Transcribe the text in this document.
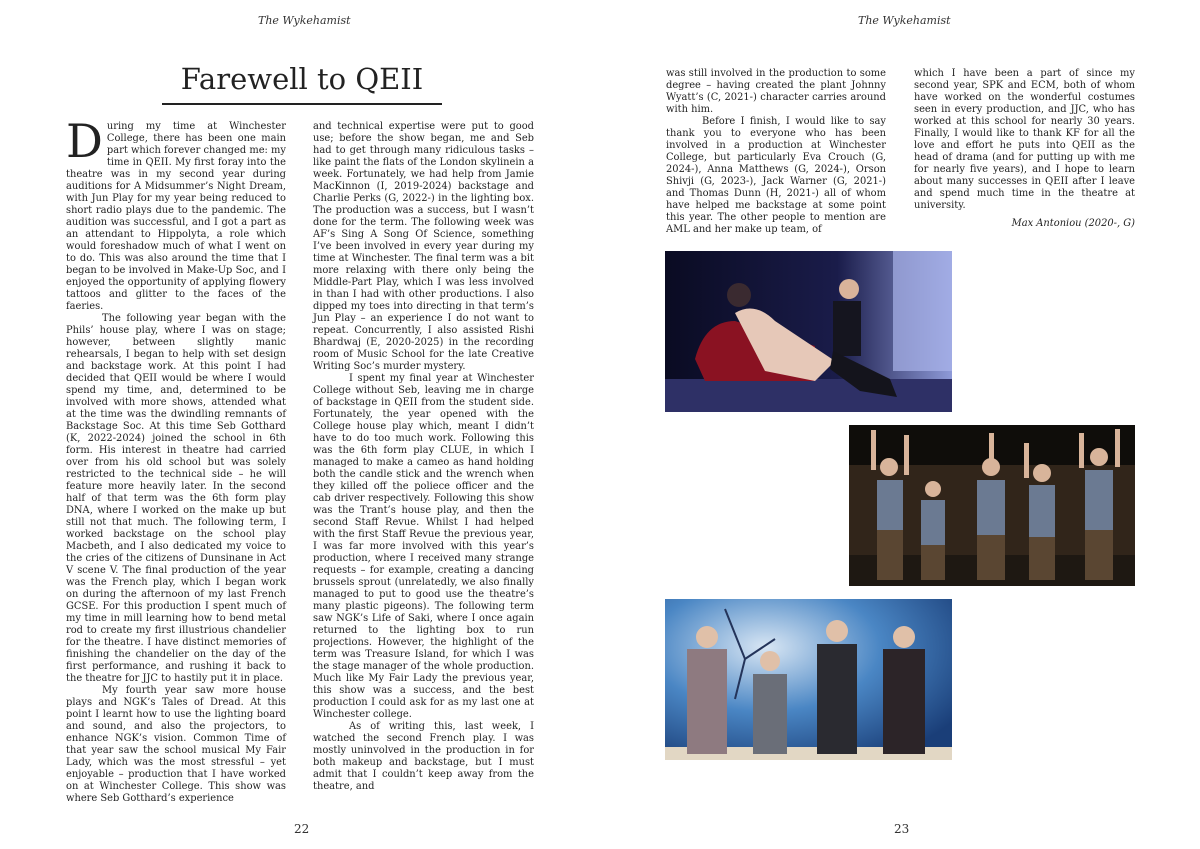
The Wykehamist	The Wykehamist
Farewell to QEII

During my time at Winchester College, there has been one main part which forever changed me: my time in QEII. My first foray into the theatre was in my second year during auditions for A Midsummer’s Night Dream, with Jun Play for my year being reduced to short radio plays due to the pandemic. The audition was successful, and I got a part as an attendant to Hippolyta, a role which would foreshadow much of what I went on to do. This was also around the time that I began to be involved in Make-Up Soc, and I enjoyed the opportunity of applying flowery tattoos and glitter to the faces of the faeries.

The following year began with the Phils’ house play, where I was on stage; however, between slightly manic rehearsals, I began to help with set design and backstage work. At this point I had decided that QEII would be where I would spend my time, and, determined to be involved with more shows, attended what at the time was the dwindling remnants of Backstage Soc. At this time Seb Gotthard (K, 2022-2024) joined the school in 6th form. His interest in theatre had carried over from his old school but was solely restricted to the technical side – he will feature more heavily later. In the second half of that term was the 6th form play DNA, where I worked on the make up but still not that much. The following term, I worked backstage on the school play Macbeth, and I also dedicated my voice to the cries of the citizens of Dunsinane in Act V scene V. The final production of the year was the French play, which I began work on during the afternoon of my last French GCSE. For this production I spent much of my time in mill learning how to bend metal rod to create my first illustrious chandelier for the theatre. I have distinct memories of finishing the chandelier on the day of the first performance, and rushing it back to the theatre for JJC to hastily put it in place.

My fourth year saw more house plays and NGK’s Tales of Dread. At this point I learnt how to use the lighting board and sound, and also the projectors, to enhance NGK’s vision. Common Time of that year saw the school musical My Fair Lady, which was the most stressful – yet enjoyable – production that I have worked on at Winchester College. This show was where Seb Gotthard’s experience

and technical expertise were put to good use; before the show began, me and Seb had to get through many ridiculous tasks – like paint the flats of the London skylinein a week. Fortunately, we had help from Jamie MacKinnon (I, 2019-2024) backstage and Charlie Perks (G, 2022-) in the lighting box. The production was a success, but I wasn’t done for the term. The following week was AF’s Sing A Song Of Science, something I’ve been involved in every year during my time at Winchester. The final term was a bit more relaxing with there only being the Middle-Part Play, which I was less involved in than I had with other productions. I also dipped my toes into directing in that term’s Jun Play – an experience I do not want to repeat. Concurrently, I also assisted Rishi Bhardwaj (E, 2020-2025) in the recording room of Music School for the late Creative Writing Soc’s murder mystery.

I spent my final year at Winchester College without Seb, leaving me in charge of backstage in QEII from the student side. Fortunately, the year opened with the College house play which, meant I didn’t have to do too much work. Following this was the 6th form play CLUE, in which I managed to make a cameo as hand holding both the candle stick and the wrench when they killed off the poliece officer and the cab driver respectively. Following this show was the Trant’s house play, and then the second Staff Revue. Whilst I had helped with the first Staff Revue the previous year, I was far more involved with this year’s production, where I received many strange requests – for example, creating a dancing brussels sprout (unrelatedly, we also finally managed to put to good use the theatre’s many plastic pigeons). The following term saw NGK’s Life of Saki, where I once again returned to the lighting box to run projections. However, the highlight of the term was Treasure Island, for which I was the stage manager of the whole production. Much like My Fair Lady the previous year, this show was a success, and the best production I could ask for as my last one at Winchester college.

As of writing this, last week, I watched the second French play. I was mostly uninvolved in the production in for both makeup and backstage, but I must admit that I couldn’t keep away from the theatre, and

was still involved in the production to some degree – having created the plant Johnny Wyatt’s (C, 2021-) character carries around with him.

Before I finish, I would like to say thank you to everyone who has been involved in a production at Winchester College, but particularly Eva Crouch (G, 2024-), Anna Matthews (G, 2024-), Orson Shivji (G, 2023-), Jack Warner (G, 2021-) and Thomas Dunn (H, 2021-) all of whom have helped me backstage at some point this year. The other people to mention are AML and her make up team, of

which I have been a part of since my second year, SPK and ECM, both of whom have worked on the wonderful costumes seen in every production, and JJC, who has worked at this school for nearly 30 years. Finally, I would like to thank KF for all the love and effort he puts into QEII as the head of drama (and for putting up with me for nearly five years), and I hope to learn about many successes in QEII after I leave and spend much time in the theatre at university.

Max Antoniou (2020-, G)

22	23
